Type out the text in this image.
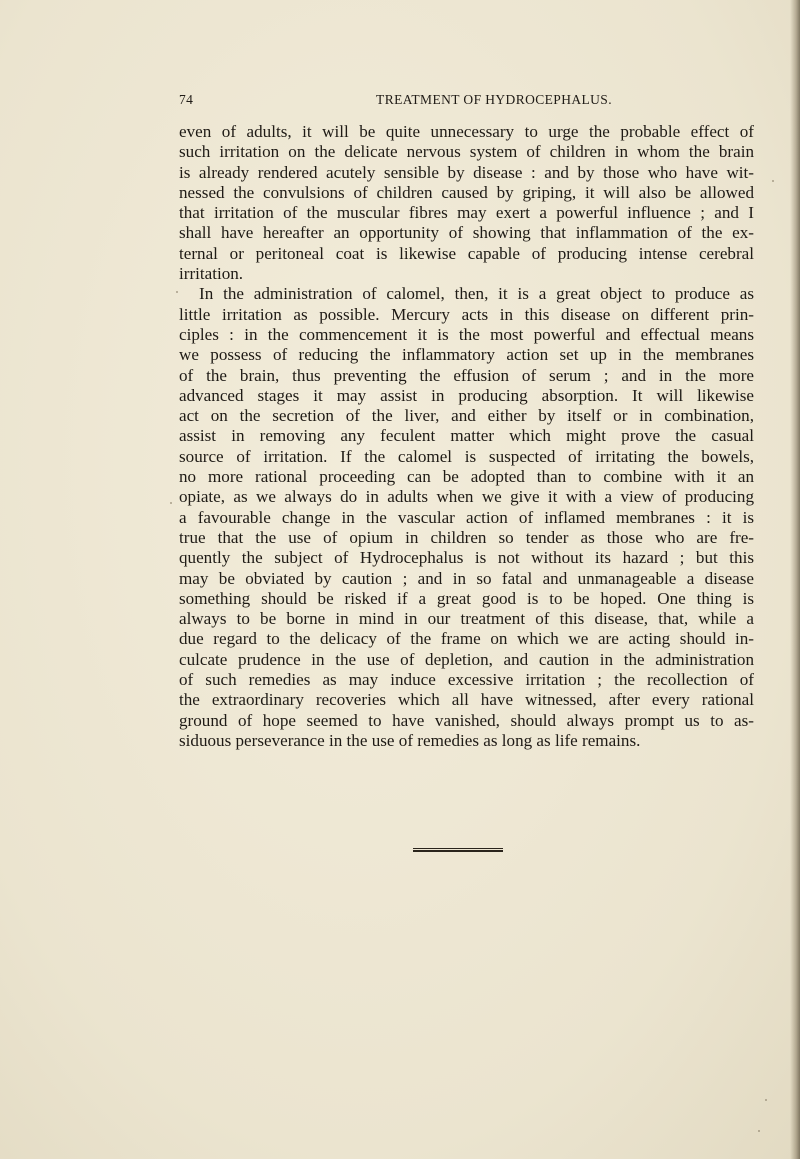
74	TREATMENT OF HYDROCEPHALUS.
even of adults, it will be quite unnecessary to urge the probable effect of
such irritation on the delicate nervous system of children in whom the brain
is already rendered acutely sensible by disease : and by those who have wit-
nessed the convulsions of children caused by griping, it will also be allowed
that irritation of the muscular fibres may exert a powerful influence ; and I
shall have hereafter an opportunity of showing that inflammation of the ex-
ternal or peritoneal coat is likewise capable of producing intense cerebral
irritation.
In the administration of calomel, then, it is a great object to produce as
little irritation as possible. Mercury acts in this disease on different prin-
ciples : in the commencement it is the most powerful and effectual means
we possess of reducing the inflammatory action set up in the membranes
of the brain, thus preventing the effusion of serum ; and in the more
advanced stages it may assist in producing absorption. It will likewise
act on the secretion of the liver, and either by itself or in combination,
assist in removing any feculent matter which might prove the casual
source of irritation. If the calomel is suspected of irritating the bowels,
no more rational proceeding can be adopted than to combine with it an
opiate, as we always do in adults when we give it with a view of producing
a favourable change in the vascular action of inflamed membranes : it is
true that the use of opium in children so tender as those who are fre-
quently the subject of Hydrocephalus is not without its hazard ; but this
may be obviated by caution ; and in so fatal and unmanageable a disease
something should be risked if a great good is to be hoped. One thing is
always to be borne in mind in our treatment of this disease, that, while a
due regard to the delicacy of the frame on which we are acting should in-
culcate prudence in the use of depletion, and caution in the administration
of such remedies as may induce excessive irritation ; the recollection of
the extraordinary recoveries which all have witnessed, after every rational
ground of hope seemed to have vanished, should always prompt us to as-
siduous perseverance in the use of remedies as long as life remains.
